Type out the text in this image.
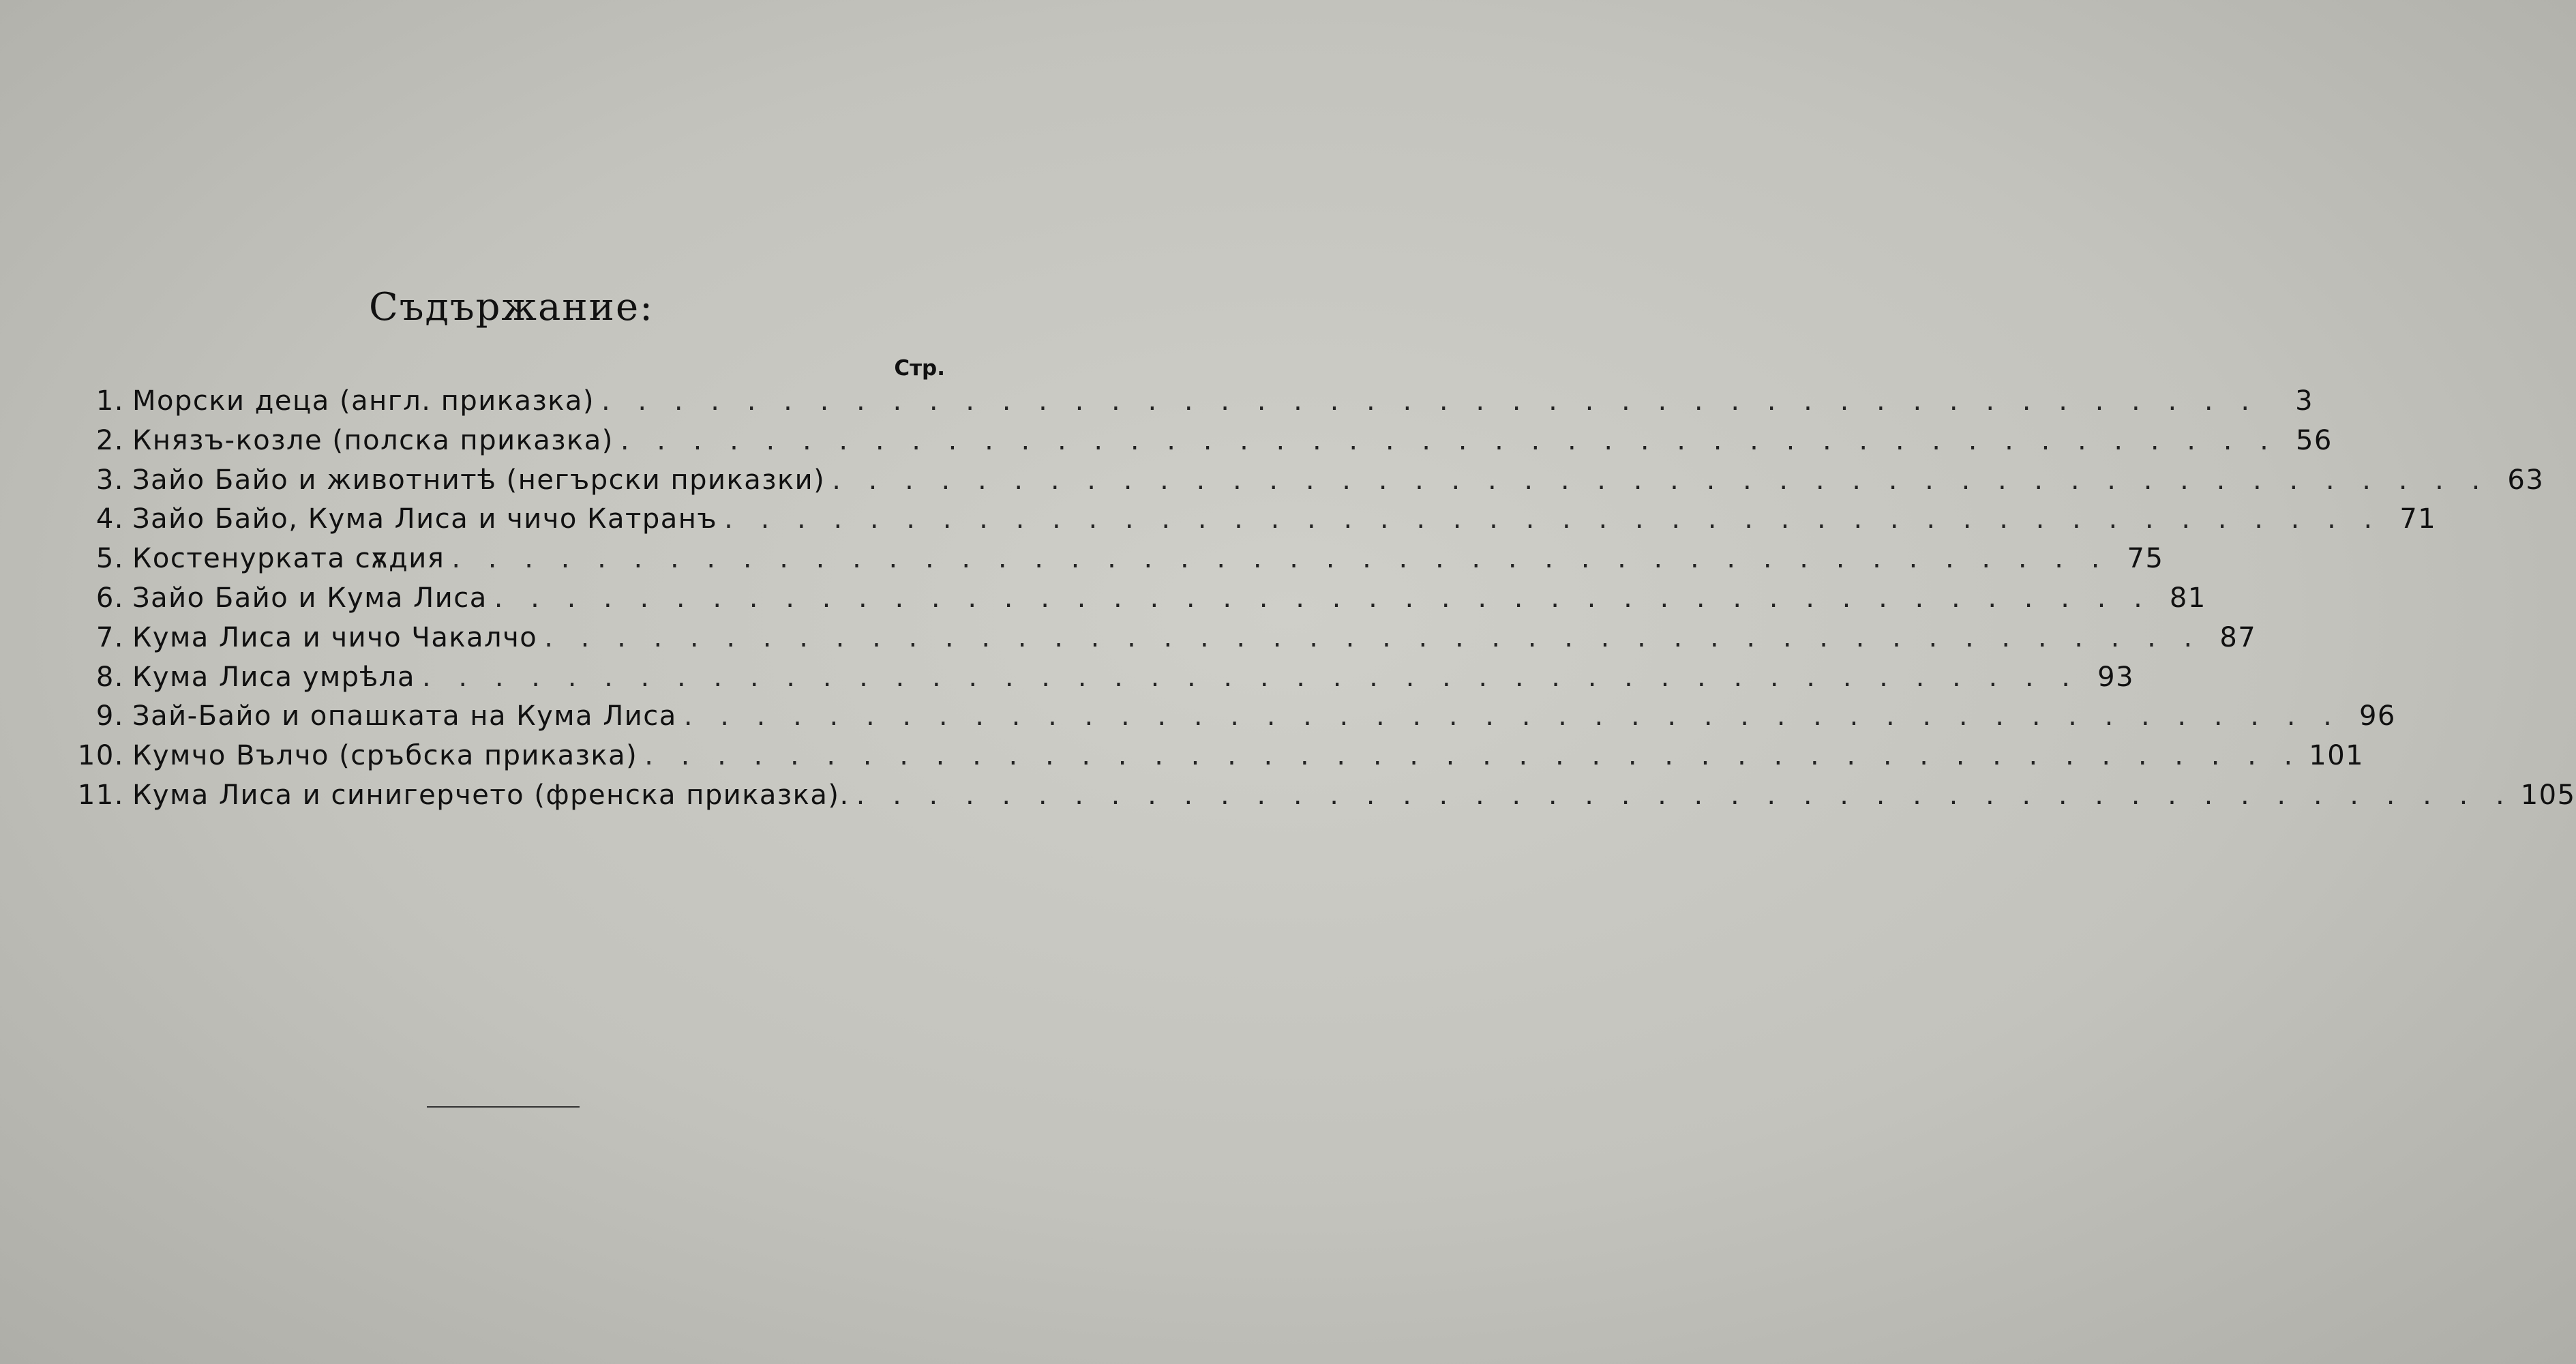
Съдържание:
Стр.
1. Морски деца (англ. приказка) . . .	3
2. Князъ-козле (полска приказка) . . .	56
3. Зайо Байо и животнитѣ (негърски приказки) . . .	63
4. Зайо Байо, Кума Лиса и чичо Катранъ . . .	71
5. Костенурката сѫдия . . .	75
6. Зайо Байо и Кума Лиса . . .	81
7. Кума Лиса и чичо Чакалчо . . .	87
8. Кума Лиса умрѣла . . .	93
9. Зай-Байо и опашката на Кума Лиса . . .	96
10. Кумчо Вълчо (сръбска приказка) . . .	101
11. Кума Лиса и синигерчето (френска приказка). . . .	105
